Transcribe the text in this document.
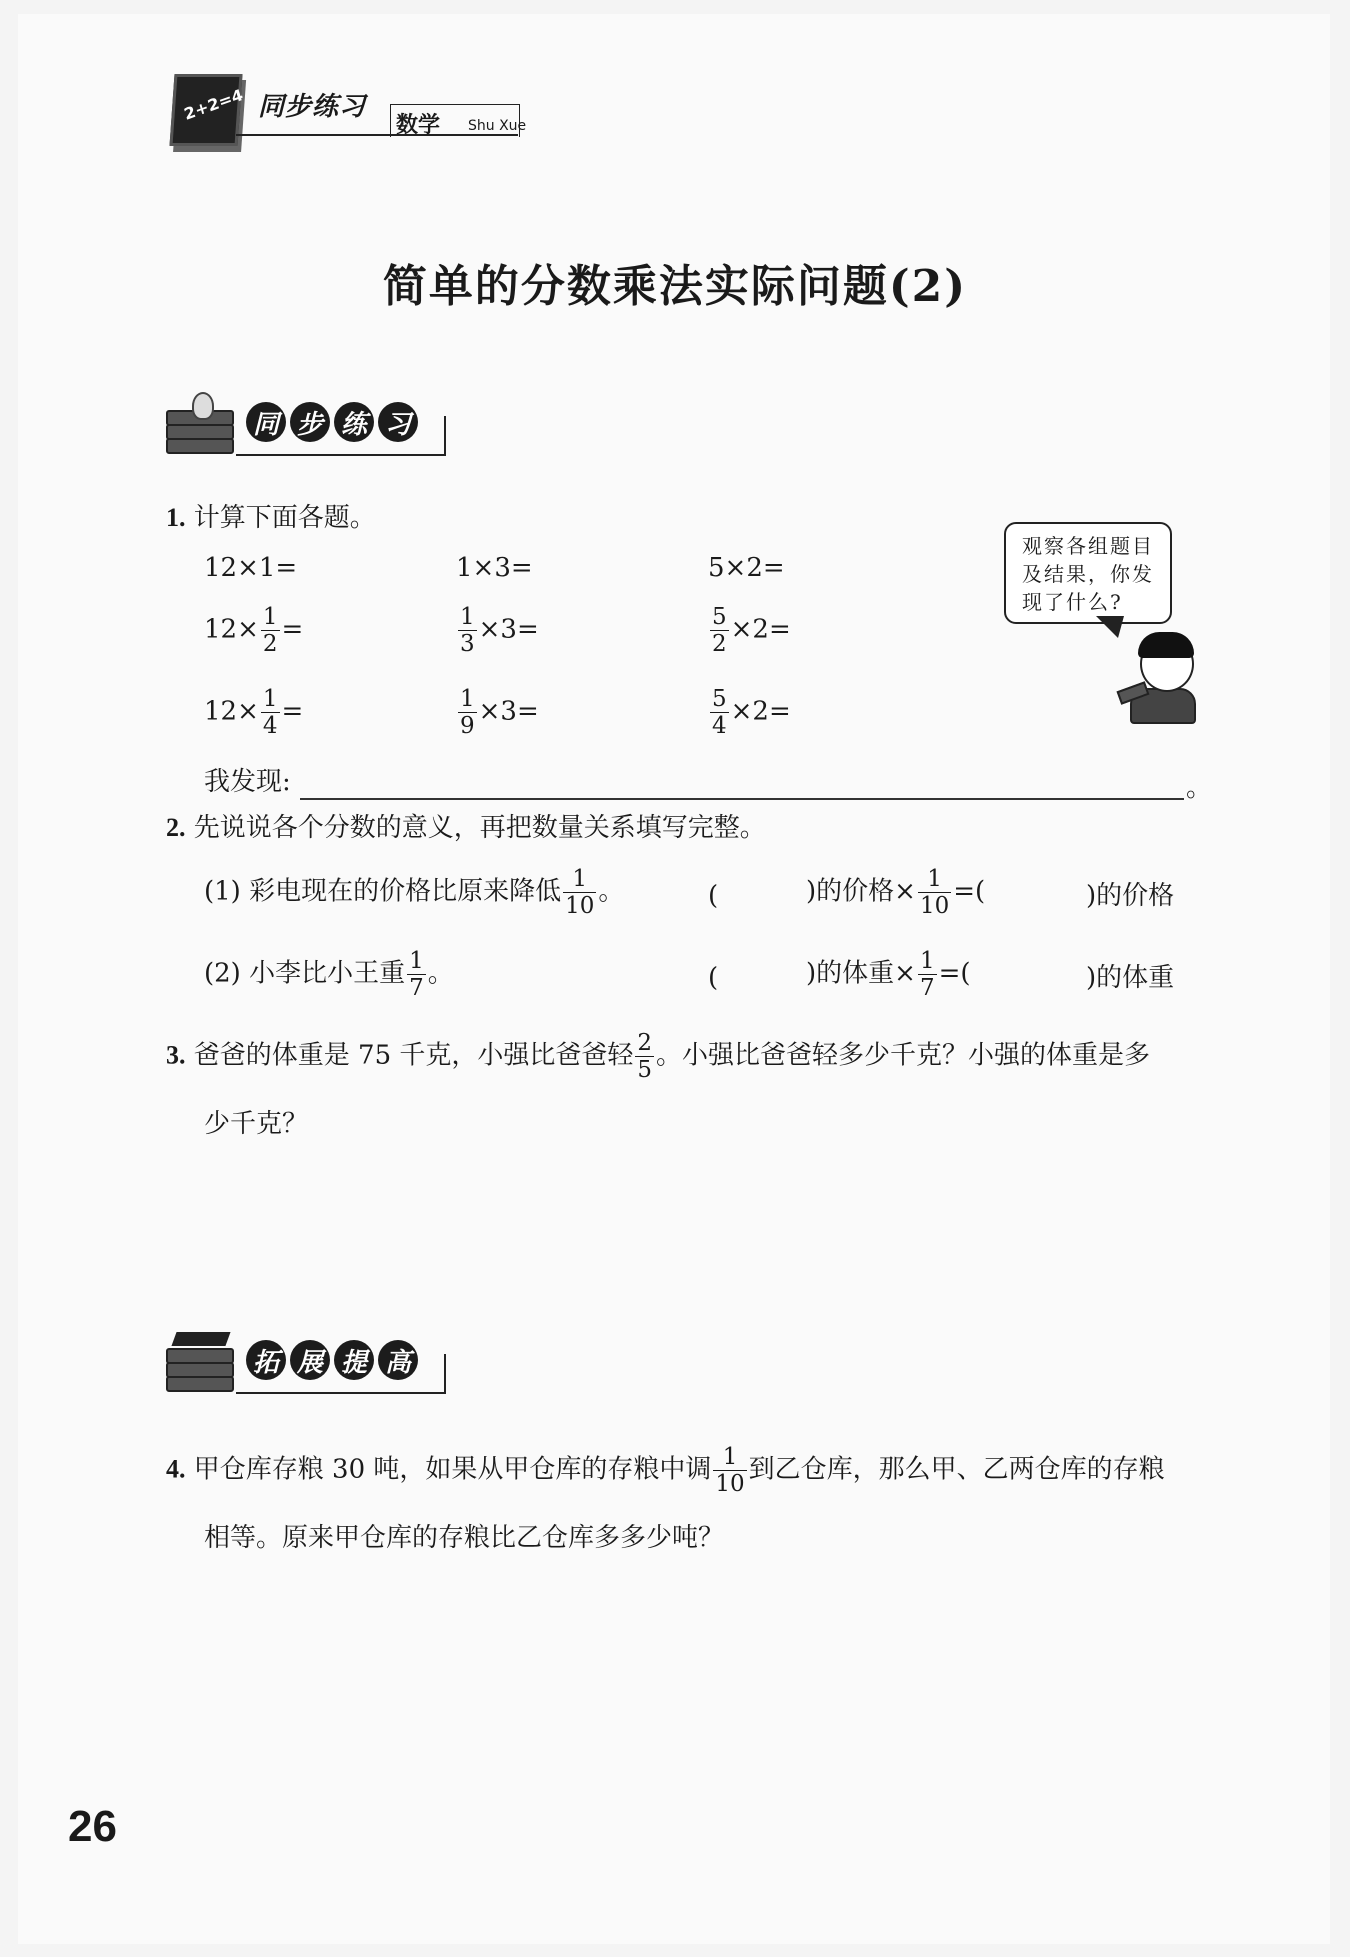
2+2=4 同步练习
数学 Shu Xue
简单的分数乘法实际问题(2)
同 步 练 习
1. 计算下面各题。
12×1=	1×3=	5×2=
$12\times \frac{1}{2}$ =	$\frac{1}{3} \times 3=$	$\frac{5}{2} \times 2=$
$12\times \frac{1}{4}$ =	$\frac{1}{9} \times 3=$	$\frac{5}{4} \times 2=$
我发现:	。
观察各组题目
及结果，你发
现了什么?
2. 先说说各个分数的意义，再把数量关系填写完整。
(1) 彩电现在的价格比原来降低 $\frac{1}{10}$ 。	(	)的价格× $\frac{1}{10}$ =(	)的价格
(2) 小李比小王重 $\frac{1}{7}$ 。	(	)的体重× $\frac{1}{7}$ =(	)的体重
3. 爸爸的体重是 75 千克，小强比爸爸轻 $\frac{2}{5}$ 。小强比爸爸轻多少千克？小强的体重是多
少千克？
拓 展 提 高
4. 甲仓库存粮 30 吨，如果从甲仓库的存粮中调 $\frac{1}{10}$ 到乙仓库，那么甲、乙两仓库的存粮
相等。原来甲仓库的存粮比乙仓库多多少吨？
26
